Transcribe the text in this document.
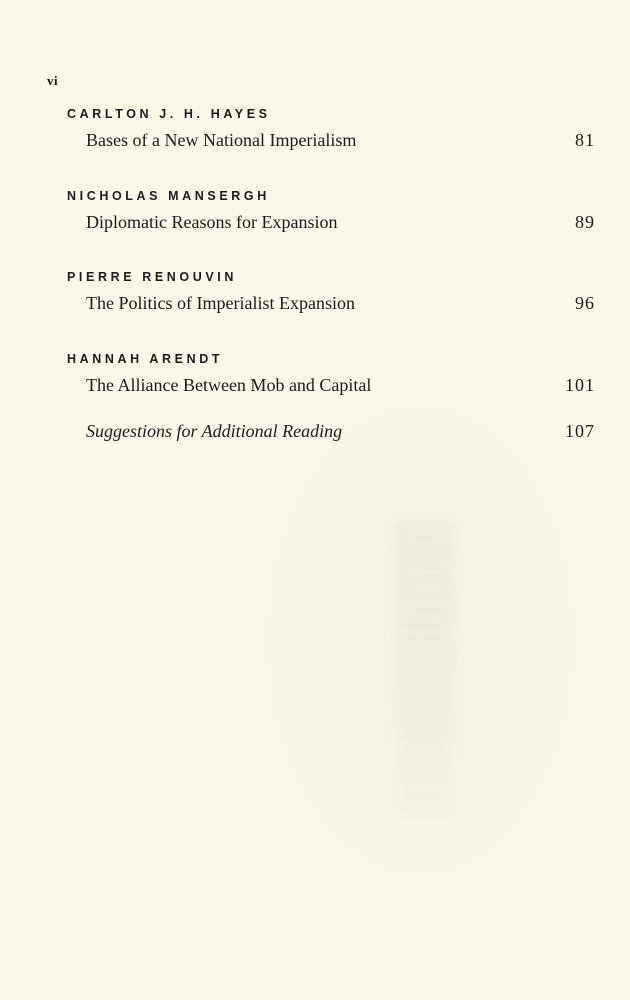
vi

CARLTON J. H. HAYES

Bases of a New National Imperialism	81

NICHOLAS MANSERGH

Diplomatic Reasons for Expansion	89

PIERRE RENOUVIN

The Politics of Imperialist Expansion	96

HANNAH ARENDT

The Alliance Between Mob and Capital	101
Suggestions for Additional Reading	107
